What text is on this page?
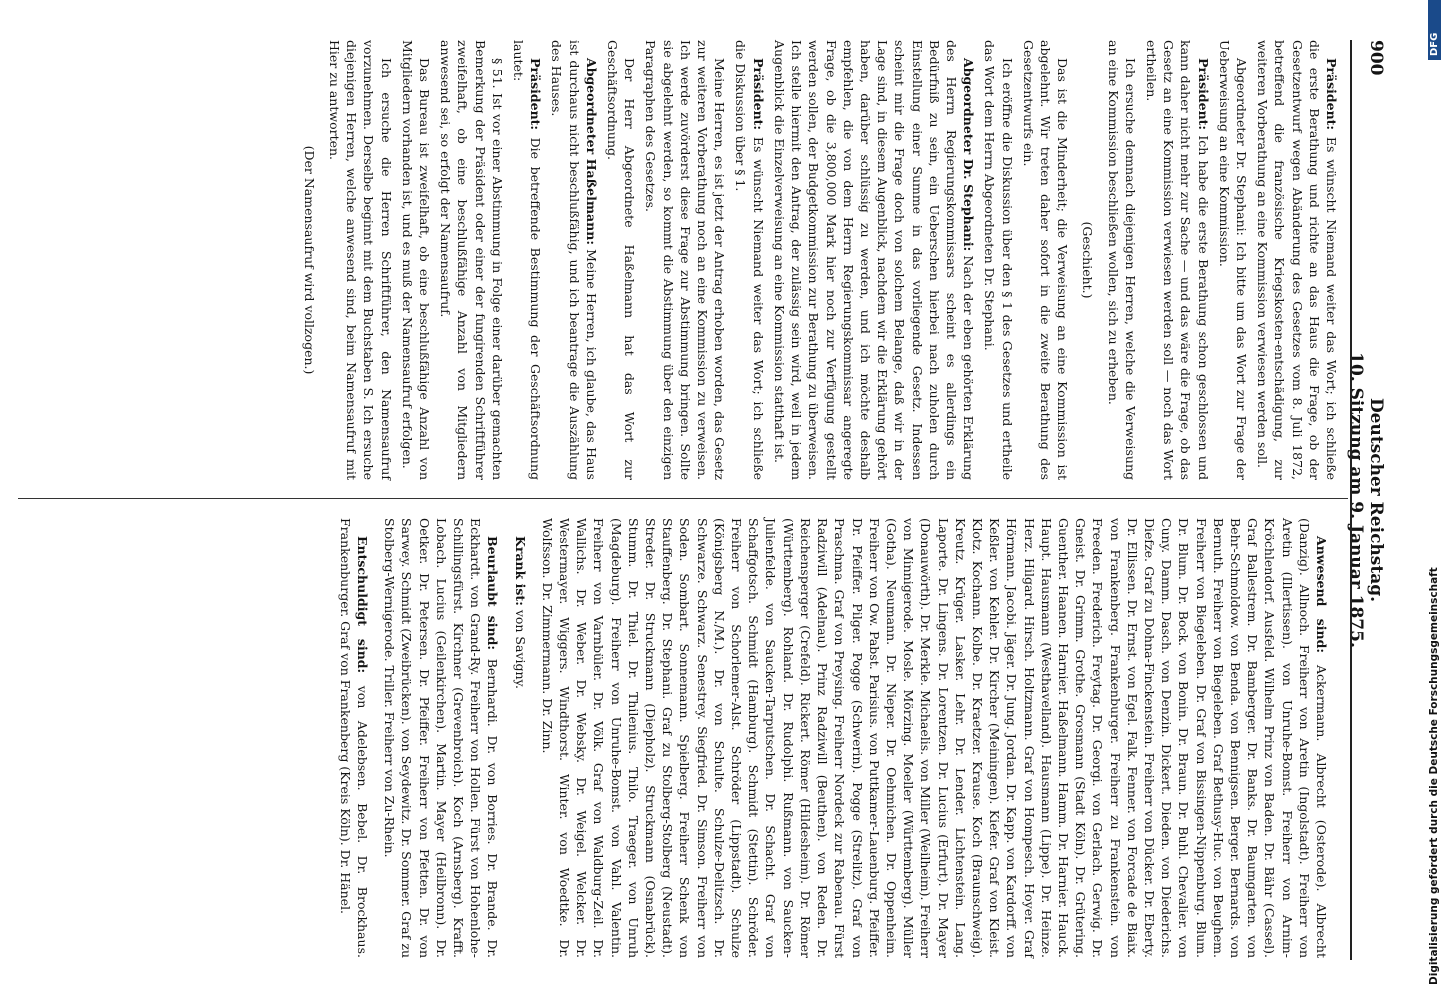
900
Deutscher Reichstag. 10. Sitzung am 9. Januar 1875.

Präsident: Es wünscht Niemand weiter das Wort; ich schließe die erste Berathung und richte an das Haus die Frage, ob der Gesetzentwurf wegen Abänderung des Gesetzes vom 8. Juli 1872, betreffend die französische Kriegskosten-entschädigung, zur weiteren Vorberathung an eine Kommission verwiesen werden soll.

Abgeordneter Dr. Stephani: Ich bitte um das Wort zur Frage der Ueberweisung an eine Kommission.

Präsident: Ich habe die erste Berathung schon geschlossen und kann daher nicht mehr zur Sache — und das wäre die Frage, ob das Gesetz an eine Kommission verwiesen werden soll — noch das Wort ertheilen.

Ich ersuche demnach diejenigen Herren, welche die Verweisung an eine Kommission beschließen wollen, sich zu erheben.

(Geschieht.)

Das ist die Minderheit; die Verweisung an eine Kommission ist abgelehnt. Wir treten daher sofort in die zweite Berathung des Gesetzentwurfs ein.

Ich eröffne die Diskussion über den § 1 des Gesetzes und ertheile das Wort dem Herrn Abgeordneten Dr. Stephani.

Abgeordneter Dr. Stephani: Nach der eben gehörten Erklärung des Herrn Regierungskommissars scheint es allerdings ein Bedürfniß zu sein, ein Ueberschen hierbei nach zuholen durch Einstellung einer Summe in das vorliegende Gesetz. Indessen scheint mir die Frage doch von solchem Belange, daß wir in der Lage sind, in diesem Augenblick, nachdem wir die Erklärung gehört haben, darüber schlüssig zu werden, und ich möchte deshalb empfehlen, die von dem Herrn Regierungskommissar angeregte Frage, ob die 3,800,000 Mark hier noch zur Verfügung gestellt werden sollen, der Budgetkommission zur Berathung zu überweisen. Ich stelle hiermit den Antrag, der zulässig sein wird, weil in jedem Augenblick die Einzelverweisung an eine Kommission statthaft ist.

Präsident: Es wünscht Niemand weiter das Wort; ich schließe die Diskussion über § 1.

Meine Herren, es ist jetzt der Antrag erhoben worden, das Gesetz zur weiteren Vorberathung noch an eine Kommission zu verweisen. Ich werde zuvörderst diese Frage zur Abstimmung bringen. Sollte sie abgelehnt werden, so kommt die Abstimmung über den einzigen Paragraphen des Gesetzes.

Der Herr Abgeordnete Haßelmann hat das Wort zur Geschäftsordnung.

Abgeordneter Haßelmann: Meine Herren, ich glaube, das Haus ist durchaus nicht beschlußfähig, und ich beantrage die Auszählung des Hauses.

Präsident: Die betreffende Bestimmung der Geschäftsordnung lautet:

§ 51. Ist vor einer Abstimmung in Folge einer darüber gemachten Bemerkung der Präsident oder einer der fungirenden Schriftführer zweifelhaft, ob eine beschlußfähige Anzahl von Mitgliedern anwesend sei, so erfolgt der Namensaufruf.

Das Bureau ist zweifelhaft, ob eine beschlußfähige Anzahl von Mitgliedern vorhanden ist, und es muß der Namensaufruf erfolgen.

Ich ersuche die Herren Schriftführer, den Namensaufruf vorzunehmen. Derselbe beginnt mit dem Buchstaben S. Ich ersuche diejenigen Herren, welche anwesend sind, beim Namensaufruf mit Hier zu antworten.

(Der Namensaufruf wird vollzogen.)

Anwesend sind: Ackermann. Albrecht (Osterode). Albrecht (Danzig). Allnoch. Freiherr von Aretin (Ingolstadt). Freiherr von Aretin (Illertissen). von Unruhe-Bomst. Freiherr von Arnim-Kröchlendorf. Ausfeld. Wilhelm Prinz von Baden. Dr. Bähr (Cassel). Graf Ballestrem. Dr. Bamberger. Dr. Banks. Dr. Baumgarten. von Behr-Schmoldow. von Benda. von Bennigsen. Berger. Bernards. von Bernuth. Freiherr von Biegeleben. Graf Bethusy-Huc. von Beughem. Freiherr von Biegeleben. Dr. Graf von Bissingen-Nippenburg. Blum. Dr. Blum. Dr. Bock. von Bonin. Dr. Braun. Dr. Buhl. Chevalier. von Cuny. Damm. Dasch. von Denzin. Dickert. Dieden. von Diederichs. Diefze. Graf zu Dohna-Finckenstein. Freiherr von Dücker. Dr. Eberty. Dr. Ellissen. Dr. Ernst. von Egel. Falk. Fenner. von Forcade de Biaix. von Frankenberg. Frankenburger. Freiherr zu Frankenstein. von Freeden. Frederich. Freytag. Dr. Georgi. von Gerlach. Gerwig. Dr. Gneist. Dr. Grimm. Grothe. Grosmann (Stadt Köln). Dr. Grütering. Guenther. Haanen. Harnier. Haßelmann. Hamm. Dr. Harnier. Hauck. Haupt. Hausmann (Westhavelland). Hausmann (Lippe). Dr. Heinze. Herz. Hilgard. Hirsch. Holtzmann. Graf von Hompesch. Hoyer. Graf Hörmann. Jacobi. Jäger. Dr. Jung. Jordan. Dr. Kapp. von Kardorff. von Keßler. von Kehler. Dr. Kircher (Meiningen). Kiefer. Graf von Kleist. Klotz. Kochann. Kolbe. Dr. Kraetzer. Krause. Koch (Braunschweig). Kreutz. Krüger. Lasker. Lehr. Dr. Lender. Lichtenstein. Lang. Laporte. Dr. Lingens. Dr. Lorentzen. Dr. Lucius (Erfurt). Dr. Mayer (Donauwörth). Dr. Merkle. Michaelis. von Miller (Weilheim). Freiherr von Minnigerode. Mosle. Mörzing. Moeller (Württemberg). Müller (Gotha). Neumann. Dr. Nieper. Dr. Oehmichen. Dr. Oppenheim. Freiherr von Ow. Pabst. Parisius. von Puttkamer-Lauenburg. Pfeiffer. Dr. Pfeiffer. Pilger. Pogge (Schwerin). Pogge (Strelitz). Graf von Praschma. Graf von Preysing. Freiherr Nordeck zur Rabenau. Fürst Radziwill (Adelnau). Prinz Radziwill (Beuthen). von Reden. Dr. Reichensperger (Crefeld). Rickert. Römer (Hildesheim). Dr. Römer (Württemberg). Rohland. Dr. Rudolphi. Rußmann. von Saucken-Julienfelde. von Saucken-Tarputschen. Dr. Schacht. Graf von Schaffgotsch. Schmidt (Hamburg). Schmidt (Stettin). Schröder. Freiherr von Schorlemer-Alst. Schröder (Lippstadt). Schulze (Königsberg N./M.). Dr. von Schulte. Schulze-Delitzsch. Dr. Schwarze. Schwarz. Senestrey. Siegfried. Dr. Simson. Freiherr von Soden. Sombart. Sonnemann. Spielberg. Freiherr Schenk von Stauffenberg. Dr. Stephani. Graf zu Stolberg-Stolberg (Neustadt). Streder. Dr. Struckmann (Diepholz). Struckmann (Osnabrück). Stumm. Dr. Thiel. Dr. Thilenius. Thilo. Traeger. von Unruh (Magdeburg). Freiherr von Unruhe-Bomst. von Vahl. Valentin. Freiherr von Varnbüler. Dr. Völk. Graf von Waldburg-Zeil. Dr. Wallichs. Dr. Weber. Dr. Websky. Dr. Weigel. Welcker. Dr. Westermayer. Wiggers. Windthorst. Winter. von Woedtke. Dr. Wolfsson. Dr. Zimmermann. Dr. Zinn.

Krank ist: von Savigny.

Beurlaubt sind: Bernhardi. Dr. von Borries. Dr. Brande. Dr. Eckhardt. von Grand-Ry. Freiherr von Hollen. Fürst von Hohenlohe-Schillingsfürst. Kirchner (Grevenbroich). Koch (Arnsberg). Krafft. Lobach. Lucius (Geilenkirchen). Martin. Mayer (Heilbronn). Dr. Oetker. Dr. Petersen. Dr. Pfeiffer. Freiherr von Pfetten. Dr. von Sarwey. Schmidt (Zweibrücken). von Seydewitz. Dr. Sommer. Graf zu Stolberg-Wernigerode. Triller. Freiherr von Zu-Rhein.

Entschuldigt sind: von Adelebsen. Bebel. Dr. Brockhaus. Frankenburger. Graf von Frankenberg (Kreis Köln). Dr. Hänel.

DFG
Digitalisierung gefördert durch die Deutsche Forschungsgemeinschaft
